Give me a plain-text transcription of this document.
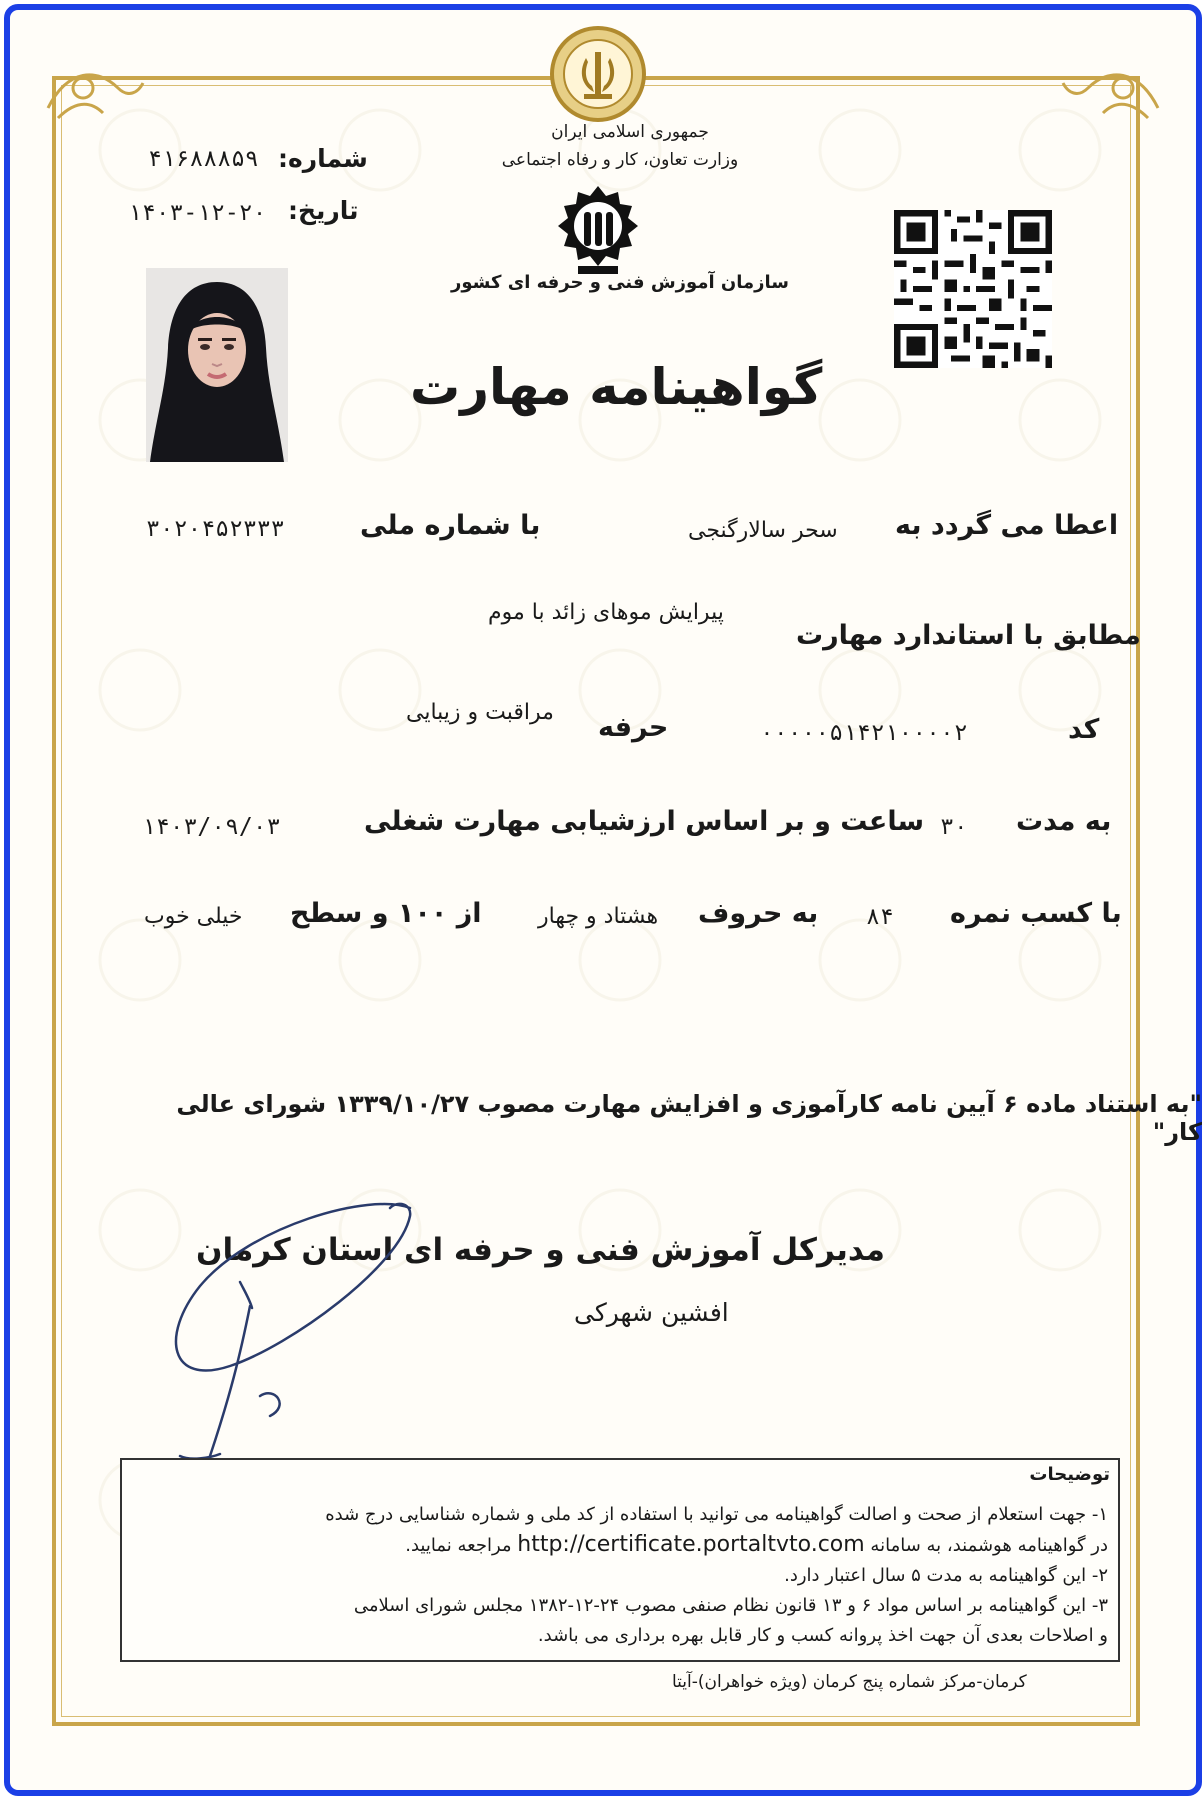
شماره:
۴۱۶۸۸۸۵۹
تاریخ:
۱۴۰۳-۱۲-۲۰
جمهوری اسلامی ایران
وزارت تعاون، کار و رفاه اجتماعی
سازمان آموزش فنی و حرفه ای کشور
گواهینامه مهارت
اعطا می گردد به
سحر سالارگنجی
با شماره ملی
۳۰۲۰۴۵۲۳۳۳
مطابق با استاندارد مهارت
پیرایش موهای زائد با موم
کد
۰۰۰۰۰۵۱۴۲۱۰۰۰۰۲
حرفه
مراقبت و زیبایی
به مدت
۳۰
ساعت و بر اساس ارزشیابی مهارت شغلی
۱۴۰۳/۰۹/۰۳
با کسب نمره
۸۴
به حروف
هشتاد و چهار
از ۱۰۰ و سطح
خیلی خوب
"به استناد ماده ۶ آیین نامه کارآموزی و افزایش مهارت مصوب ۱۳۳۹/۱۰/۲۷ شورای عالی کار"
مدیرکل آموزش فنی و حرفه ای استان کرمان
افشین شهرکی
توضیحات

۱- جهت استعلام از صحت و اصالت گواهینامه می توانید با استفاده از کد ملی و شماره شناسایی درج شده

در گواهینامه هوشمند، به سامانه http://certificate.portaltvto.com مراجعه نمایید.

۲- این گواهینامه به مدت ۵ سال اعتبار دارد.

۳- این گواهینامه بر اساس مواد ۶ و ۱۳ قانون نظام صنفی مصوب ۲۴-۱۲-۱۳۸۲ مجلس شورای اسلامی

و اصلاحات بعدی آن جهت اخذ پروانه کسب و کار قابل بهره برداری می باشد.

کرمان-مرکز شماره پنج کرمان (ویژه خواهران)-آیتا
